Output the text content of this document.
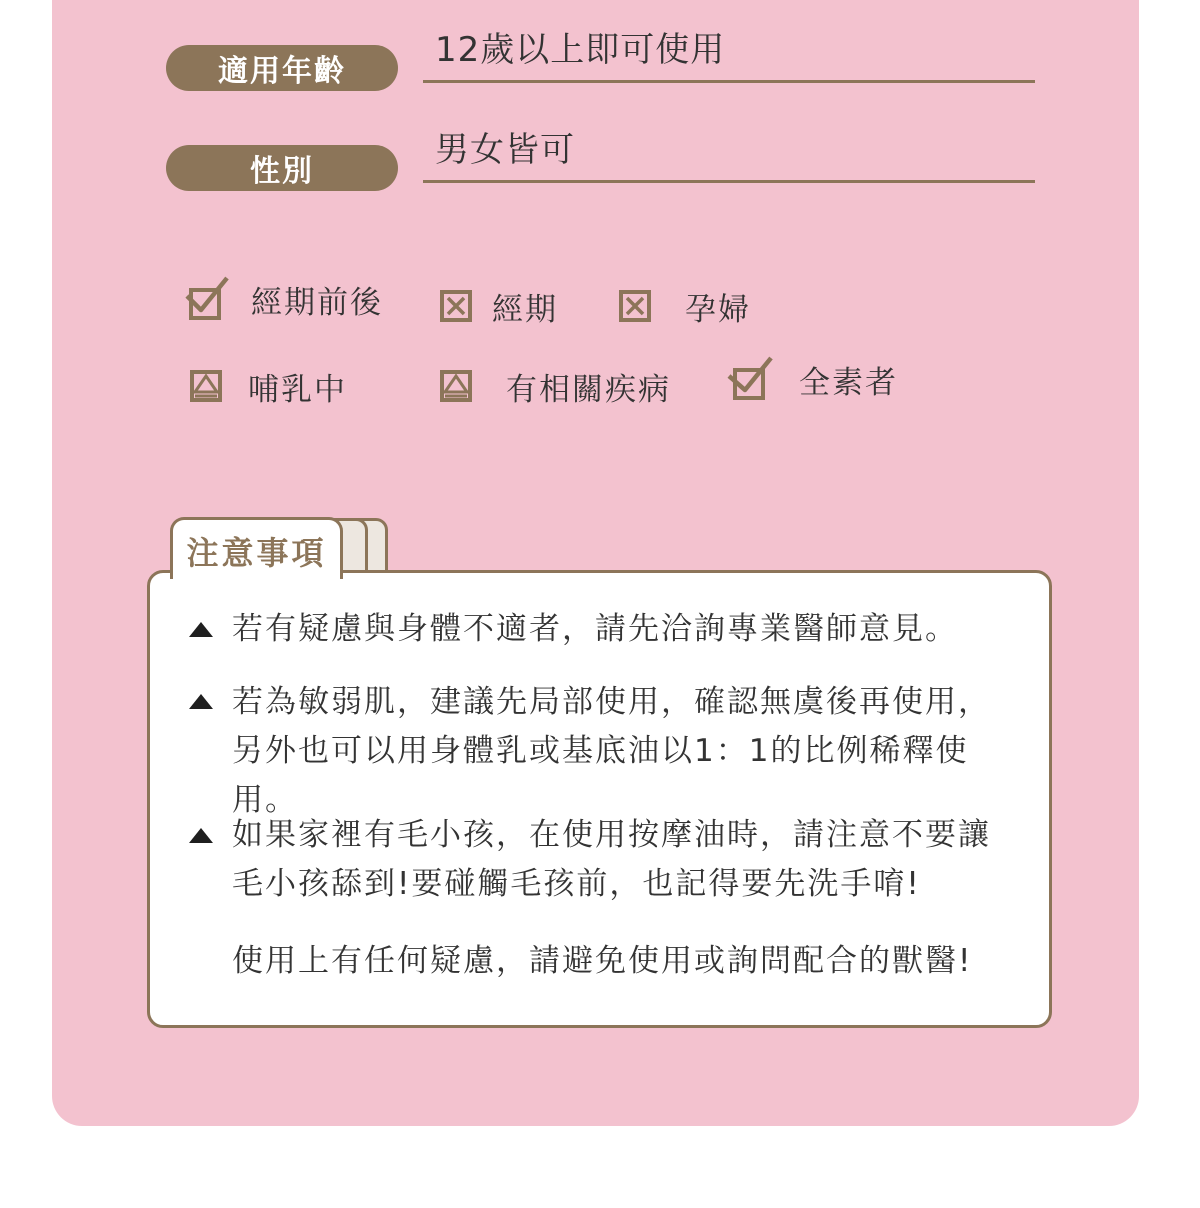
適用年齡
12歲以上即可使用
性別
男女皆可
經期前後	經期	孕婦
哺乳中	有相關疾病	全素者
注意事項
若有疑慮與身體不適者，請先洽詢專業醫師意見。
若為敏弱肌，建議先局部使用，確認無虞後再使用，
另外也可以用身體乳或基底油以1：1的比例稀釋使用。
如果家裡有毛小孩，在使用按摩油時，請注意不要讓
毛小孩舔到!要碰觸毛孩前，也記得要先洗手唷!
使用上有任何疑慮，請避免使用或詢問配合的獸醫!
